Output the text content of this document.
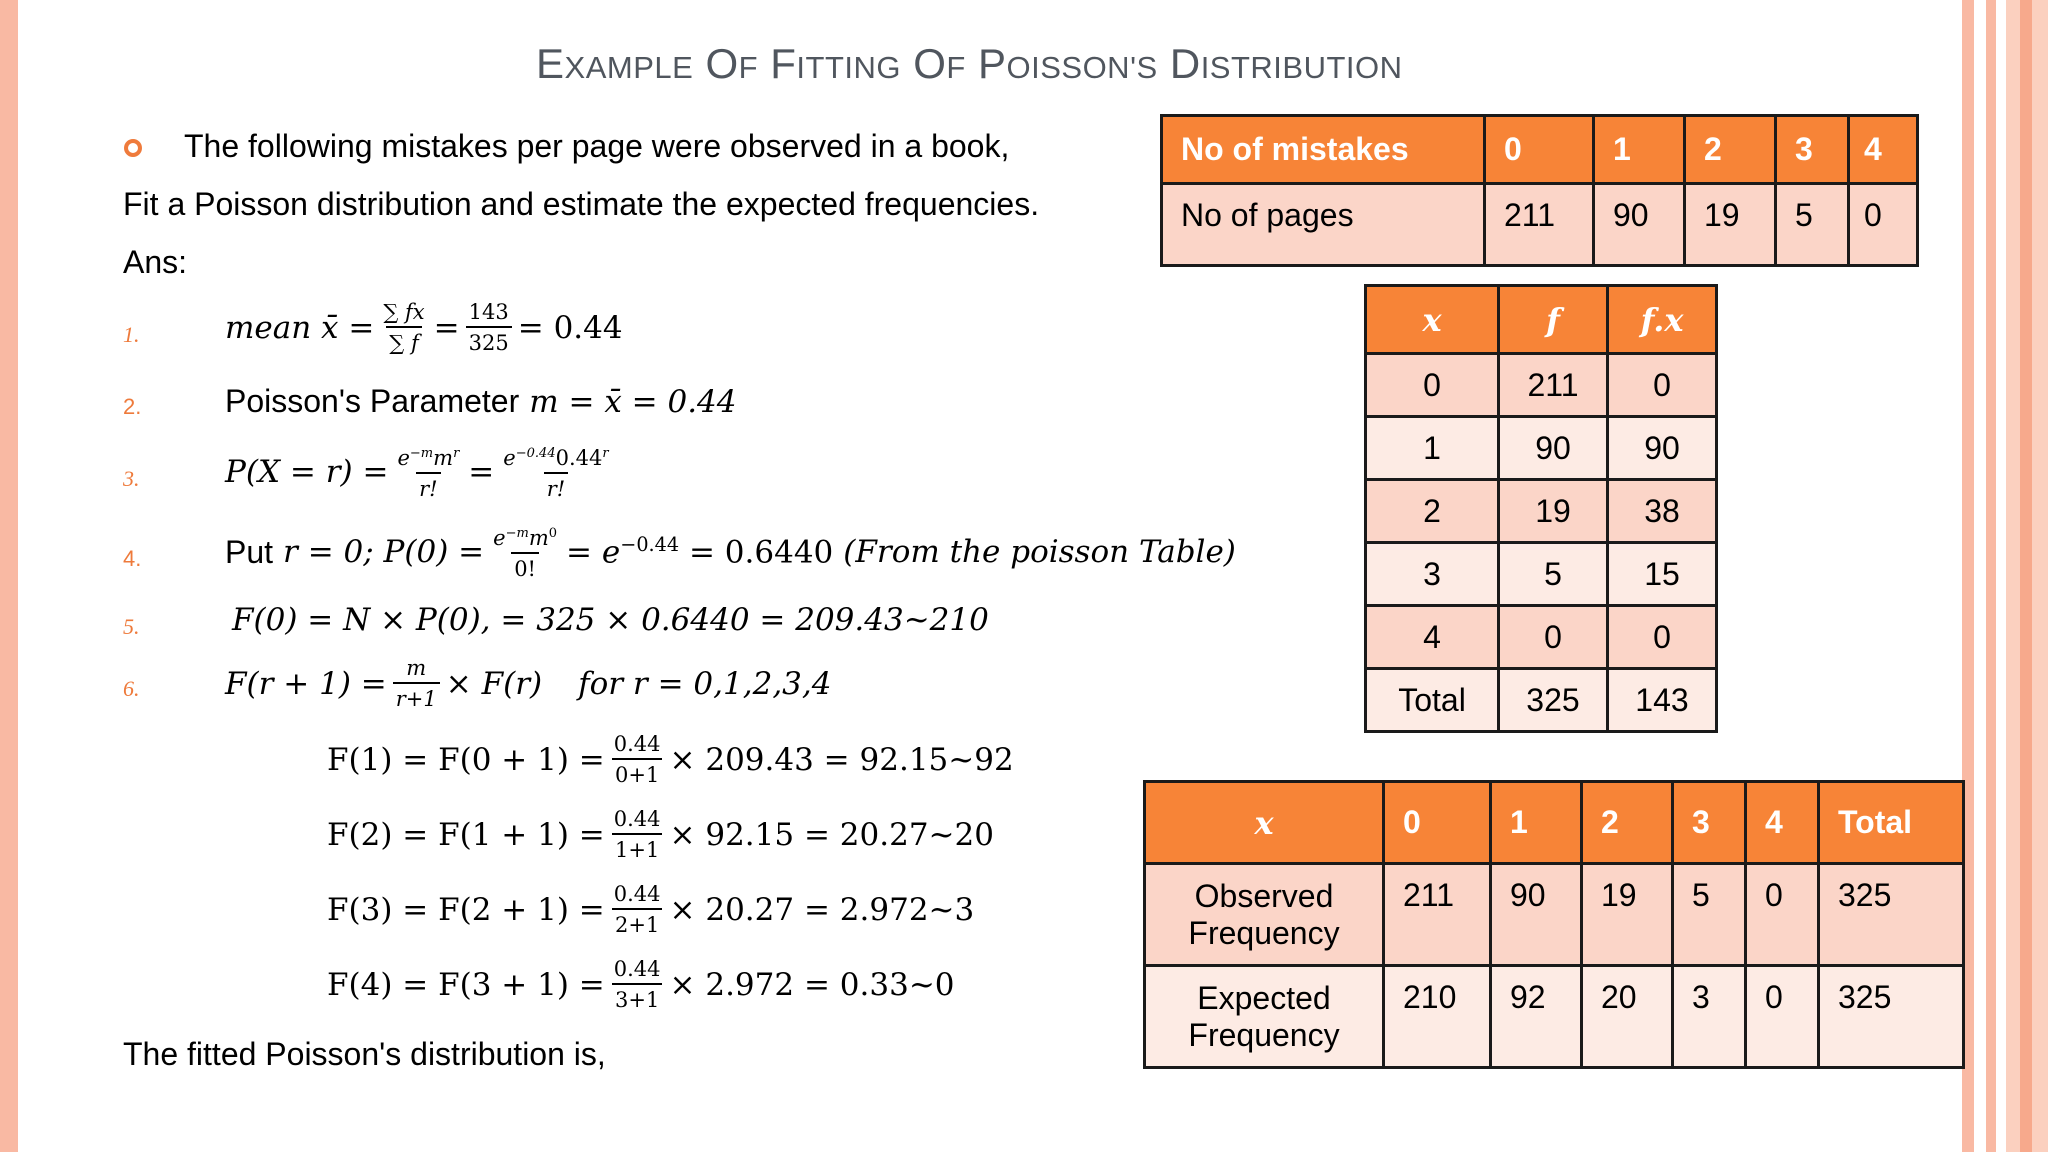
EXAMPLE OF FITTING OF POISSON'S DISTRIBUTION
The following mistakes per page were observed in a book,
Fit a Poisson distribution and estimate the expected frequencies.
Ans:
1.	mean x̄ = $\frac{\sum fx}{\sum f} = \frac{143}{325} = 0.44$
2.	Poisson's Parameter m = x̄ = 0.44
3.	$P(X = r) = \frac{e^{-m}m^r}{r!} = \frac{e^{-0.44}0.44^r}{r!}$
4.	Put r = 0; $P(0) = \frac{e^{-m}m^0}{0!} = e^{-0.44} = 0.6440$ (From the poisson Table)
5.	F(0) = N × P(0), = 325 × 0.6440 = 209.43~210
6.	$F(r + 1) = \frac{m}{r+1} \times F(r)$ for r = 0,1,2,3,4
$F(1) = F(0 + 1) = \frac{0.44}{0+1} \times 209.43$ = 92.15~92
$F(2) = F(1 + 1) = \frac{0.44}{1+1} \times 92.15$ = 20.27~20
$F(3) = F(2 + 1) = \frac{0.44}{2+1} \times 20.27$ = 2.972~3
$F(4) = F(3 + 1) = \frac{0.44}{3+1} \times 2.972$ = 0.33~0
The fitted Poisson's distribution is,
No of mistakes	0	1	2	3	4
No of pages	211	90	19	5	0
x	f	f.x
0	211	0
1	90	90
2	19	38
3	5	15
4	0	0
Total	325	143
x	0	1	2	3	4	Total

Observed
Frequency	211	90	19	5	0	325

Expected
Frequency	210	92	20	3	0	325
